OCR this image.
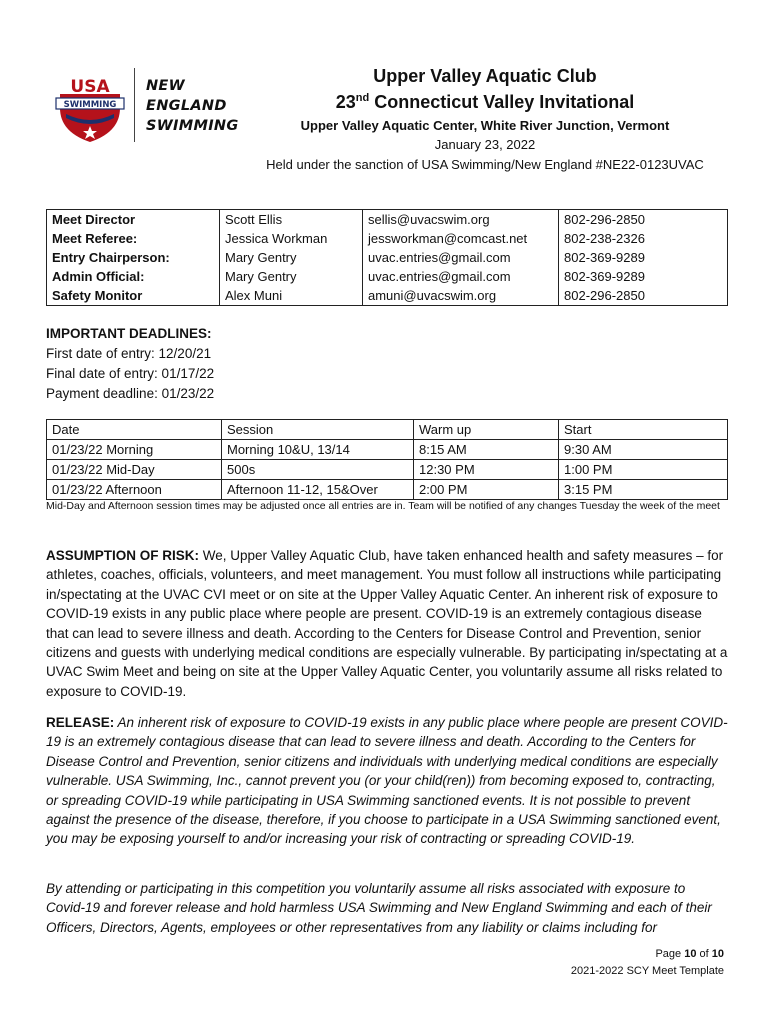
USA
SWIMMING
NEW
ENGLAND
SWIMMING
Upper Valley Aquatic Club
23nd Connecticut Valley Invitational
Upper Valley Aquatic Center, White River Junction, Vermont
January 23, 2022
Held under the sanction of USA Swimming/New England #NE22-0123UVAC
Meet Director	Scott Ellis	sellis@uvacswim.org	802-296-2850
Meet Referee:	Jessica Workman	jessworkman@comcast.net	802-238-2326
Entry Chairperson:	Mary Gentry	uvac.entries@gmail.com	802-369-9289
Admin Official:	Mary Gentry	uvac.entries@gmail.com	802-369-9289
Safety Monitor	Alex Muni	amuni@uvacswim.org	802-296-2850
IMPORTANT DEADLINES:
First date of entry: 12/20/21
Final date of entry: 01/17/22
Payment deadline: 01/23/22
Date	Session	Warm up	Start
01/23/22 Morning	Morning 10&U, 13/14	8:15 AM	9:30 AM
01/23/22 Mid-Day	500s	12:30 PM	1:00 PM
01/23/22 Afternoon	Afternoon 11-12, 15&Over	2:00 PM	3:15 PM
Mid-Day and Afternoon session times may be adjusted once all entries are in. Team will be notified of any changes Tuesday the week of the meet
ASSUMPTION OF RISK: We, Upper Valley Aquatic Club, have taken enhanced health and safety measures – for athletes, coaches, officials, volunteers, and meet management. You must follow all instructions while participating in/spectating at the UVAC CVI meet or on site at the Upper Valley Aquatic Center. An inherent risk of exposure to COVID-19 exists in any public place where people are present. COVID-19 is an extremely contagious disease that can lead to severe illness and death. According to the Centers for Disease Control and Prevention, senior citizens and guests with underlying medical conditions are especially vulnerable. By participating in/spectating at a UVAC Swim Meet and being on site at the Upper Valley Aquatic Center, you voluntarily assume all risks related to exposure to COVID-19.
RELEASE: An inherent risk of exposure to COVID-19 exists in any public place where people are present COVID-19 is an extremely contagious disease that can lead to severe illness and death. According to the Centers for Disease Control and Prevention, senior citizens and individuals with underlying medical conditions are especially vulnerable. USA Swimming, Inc., cannot prevent you (or your child(ren)) from becoming exposed to, contracting, or spreading COVID-19 while participating in USA Swimming sanctioned events. It is not possible to prevent against the presence of the disease, therefore, if you choose to participate in a USA Swimming sanctioned event, you may be exposing yourself to and/or increasing your risk of contracting or spreading COVID-19.
By attending or participating in this competition you voluntarily assume all risks associated with exposure to Covid-19 and forever release and hold harmless USA Swimming and New England Swimming and each of their Officers, Directors, Agents, employees or other representatives from any liability or claims including for
Page 10 of 10
2021-2022 SCY Meet Template
